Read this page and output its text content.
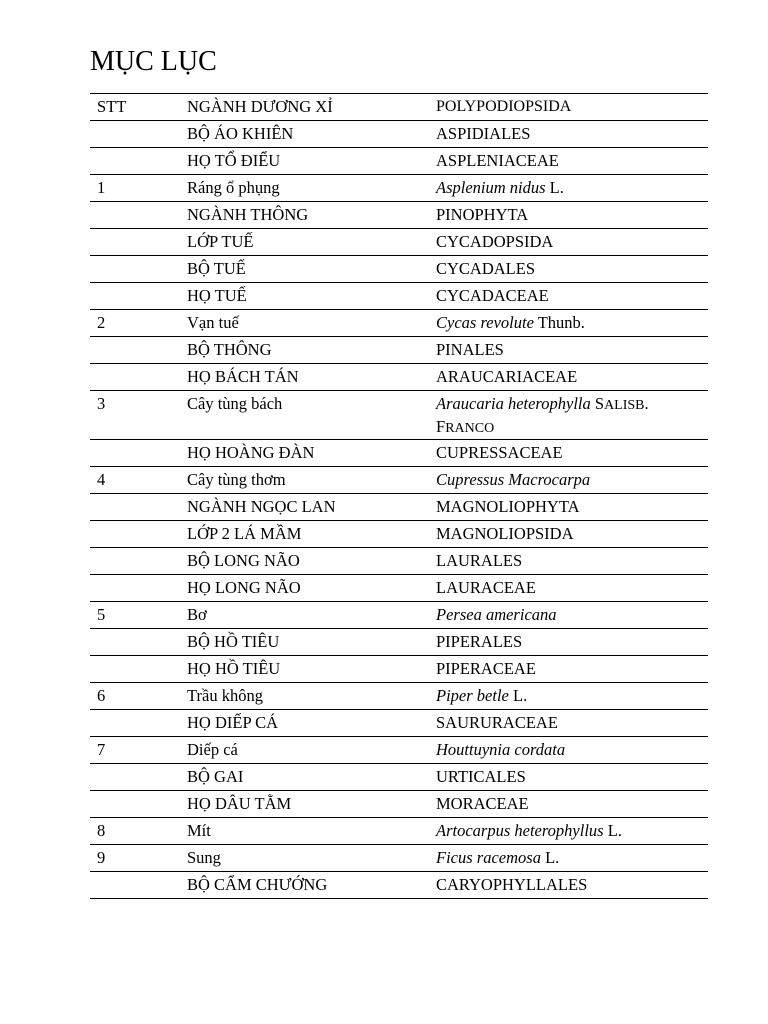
MỤC LỤC
STT	NGÀNH DƯƠNG XỈ	POLYPODIOPSIDA
	BỘ ÁO KHIÊN	ASPIDIALES
	HỌ TỔ ĐIỂU	ASPLENIACEAE
1	Ráng ổ phụng	Asplenium nidus L.
	NGÀNH THÔNG	PINOPHYTA
	LỚP TUẾ	CYCADOPSIDA
	BỘ TUẾ	CYCADALES
	HỌ TUẾ	CYCADACEAE
2	Vạn tuế	Cycas revolute Thunb.
	BỘ THÔNG	PINALES
	HỌ BÁCH TÁN	ARAUCARIACEAE
3	Cây tùng bách	Araucaria heterophylla SALISB. FRANCO
	HỌ HOÀNG ĐÀN	CUPRESSACEAE
4	Cây tùng thơm	Cupressus Macrocarpa
	NGÀNH NGỌC LAN	MAGNOLIOPHYTA
	LỚP 2 LÁ MẦM	MAGNOLIOPSIDA
	BỘ LONG NÃO	LAURALES
	HỌ LONG NÃO	LAURACEAE
5	Bơ	Persea americana
	BỘ HỒ TIÊU	PIPERALES
	HỌ HỒ TIÊU	PIPERACEAE
6	Trầu không	Piper betle L.
	HỌ DIẾP CÁ	SAURURACEAE
7	Diếp cá	Houttuynia cordata
	BỘ GAI	URTICALES
	HỌ DÂU TẰM	MORACEAE
8	Mít	Artocarpus heterophyllus L.
9	Sung	Ficus racemosa L.
	BỘ CẨM CHƯỚNG	CARYOPHYLLALES
